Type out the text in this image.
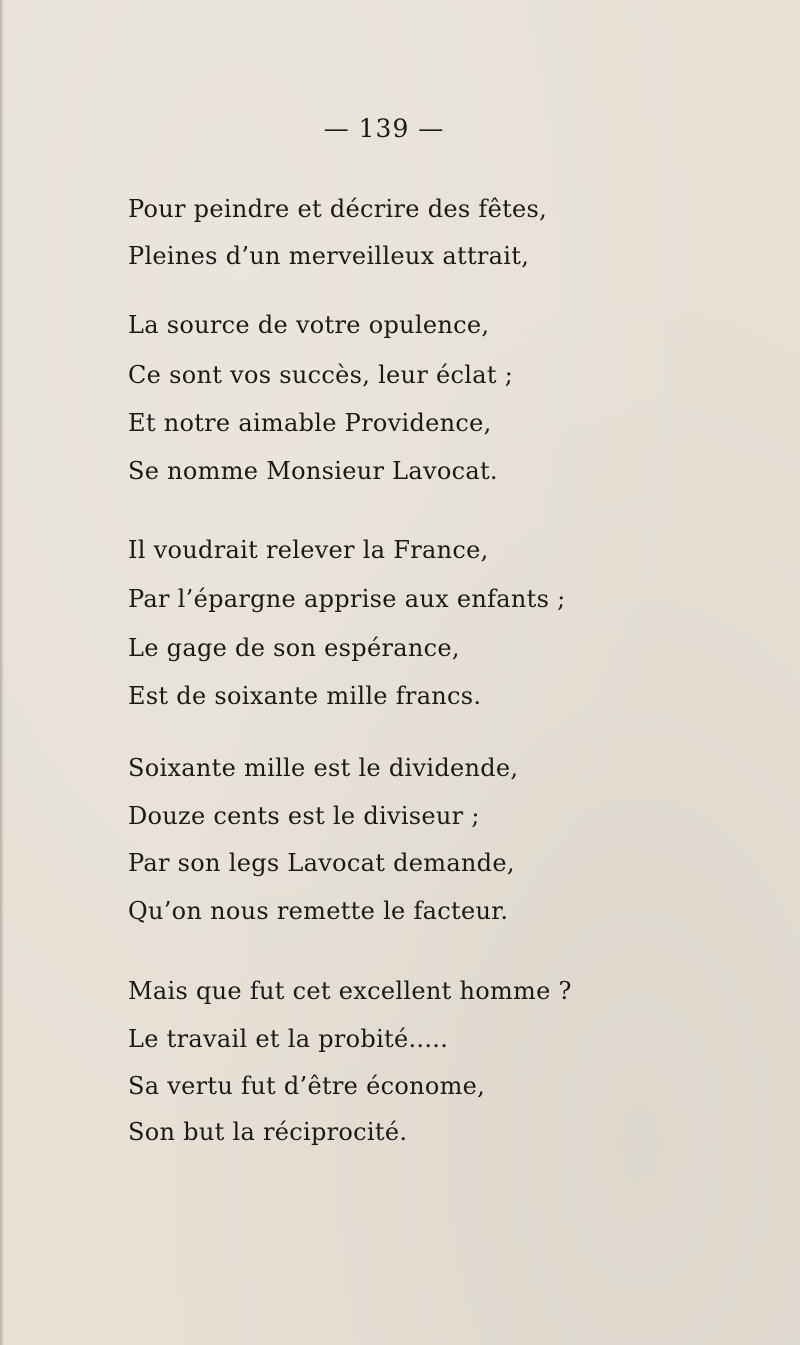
— 139 —
Pour peindre et décrire des fêtes,
Pleines d’un merveilleux attrait,
La source de votre opulence,
Ce sont vos succès, leur éclat ;
Et notre aimable Providence,
Se nomme Monsieur Lavocat.
Il voudrait relever la France,
Par l’épargne apprise aux enfants ;
Le gage de son espérance,
Est de soixante mille francs.
Soixante mille est le dividende,
Douze cents est le diviseur ;
Par son legs Lavocat demande,
Qu’on nous remette le facteur.
Mais que fut cet excellent homme ?
Le travail et la probité.....
Sa vertu fut d’être économe,
Son but la réciprocité.
